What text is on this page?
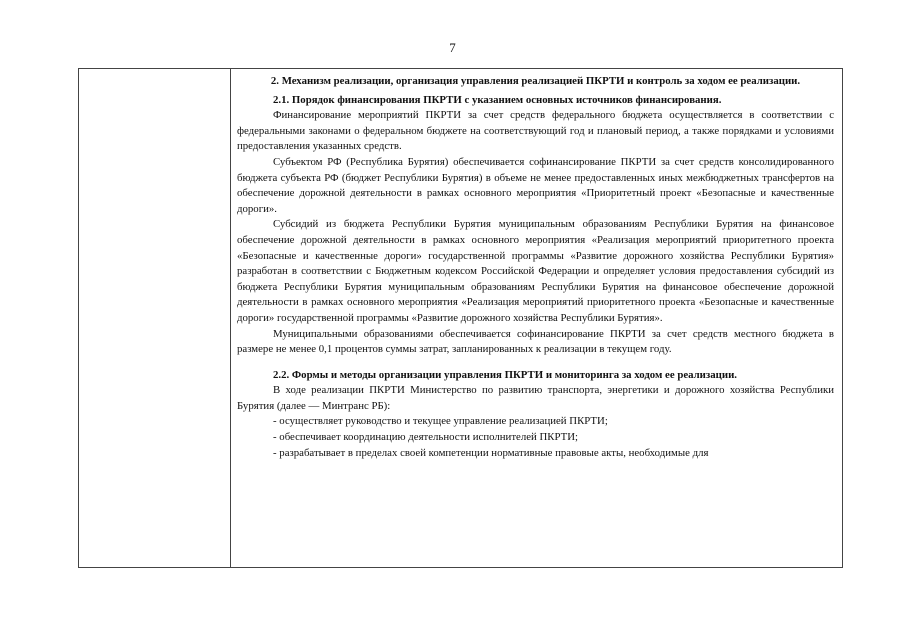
7

2. Механизм реализации, организация управления реализацией ПКРТИ и контроль за ходом ее реализации.

2.1. Порядок финансирования ПКРТИ с указанием основных источников финансирования.

Финансирование мероприятий ПКРТИ за счет средств федерального бюджета осуществляется в соответствии с федеральными законами о федеральном бюджете на соответствующий год и плановый период, а также порядками и условиями предоставления указанных средств.

Субъектом РФ (Республика Бурятия) обеспечивается софинансирование ПКРТИ за счет средств консолидированного бюджета субъекта РФ (бюджет Республики Бурятия) в объеме не менее предоставленных иных межбюджетных трансфертов на обеспечение дорожной деятельности в рамках основного мероприятия «Приоритетный проект «Безопасные и качественные дороги».

Субсидий из бюджета Республики Бурятия муниципальным образованиям Республики Бурятия на финансовое обеспечение дорожной деятельности в рамках основного мероприятия «Реализация мероприятий приоритетного проекта «Безопасные и качественные дороги» государственной программы «Развитие дорожного хозяйства Республики Бурятия» разработан в соответствии с Бюджетным кодексом Российской Федерации и определяет условия предоставления субсидий из бюджета Республики Бурятия муниципальным образованиям Республики Бурятия на финансовое обеспечение дорожной деятельности в рамках основного мероприятия «Реализация мероприятий приоритетного проекта «Безопасные и качественные дороги» государственной программы «Развитие дорожного хозяйства Республики Бурятия».

Муниципальными образованиями обеспечивается софинансирование ПКРТИ за счет средств местного бюджета в размере не менее 0,1 процентов суммы затрат, запланированных к реализации в текущем году.

2.2. Формы и методы организации управления ПКРТИ и мониторинга за ходом ее реализации.

В ходе реализации ПКРТИ Министерство по развитию транспорта, энергетики и дорожного хозяйства Республики Бурятия (далее — Минтранс РБ):

- осуществляет руководство и текущее управление реализацией ПКРТИ;

- обеспечивает координацию деятельности исполнителей ПКРТИ;

- разрабатывает в пределах своей компетенции нормативные правовые акты, необходимые для
